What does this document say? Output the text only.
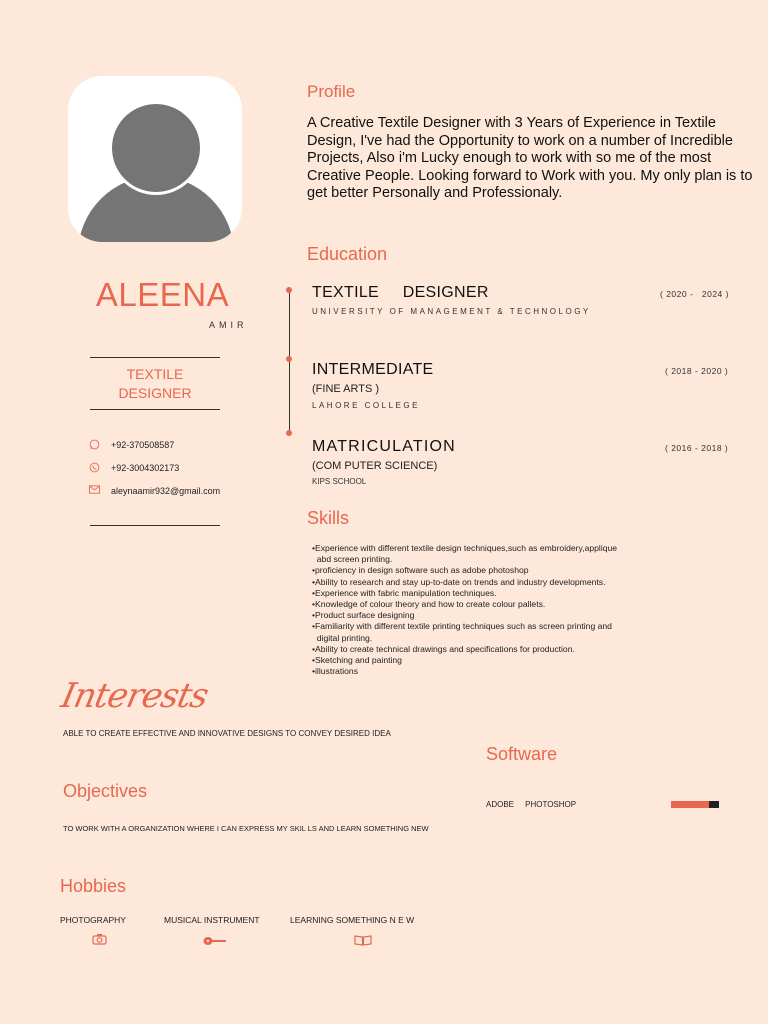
ALEENA
AMIR
TEXTILE
DESIGNER
+92-370508587
+92-3004302173
aleynaamir932@gmail.com
Profile
A Creative Textile Designer with 3 Years of Experience in Textile Design, I've had the Opportunity to work on a number of Incredible Projects, Also i'm Lucky enough to work with so me of the most Creative People. Looking forward to Work with you. My only plan is to get better Personally and Professionaly.
Education
TEXTILE     DESIGNER
UNIVERSITY OF MANAGEMENT & TECHNOLOGY
( 2020 -   2024 )
INTERMEDIATE
(FINE ARTS )
LAHORE COLLEGE
( 2018 - 2020 )
MATRICULATION
(COM PUTER SCIENCE)
KIPS SCHOOL
( 2016 - 2018 )
Skills
•Experience with different textile design techniques,such as embroidery,applique
abd screen printing.
•proficiency in design software such as adobe photoshop
•Ability to research and stay up-to-date on trends and industry developments.
•Experience with fabric manipulation techniques.
•Knowledge of colour theory and how to create colour pallets.
•Product surface designing
•Familiarity with different textile printing techniques such as screen printing and
digital printing.
•Ability to create technical drawings and specifications for production.
•Sketching and painting
•illustrations
Interests
ABLE TO CREATE EFFECTIVE AND INNOVATIVE DESIGNS TO CONVEY DESIRED IDEA
Software
ADOBE     PHOTOSHOP
Objectives
TO WORK WITH A ORGANIZATION WHERE I CAN EXPRESS MY SKIL LS AND LEARN SOMETHING NEW
Hobbies
PHOTOGRAPHY	MUSICAL INSTRUMENT	LEARNING SOMETHING N E W
